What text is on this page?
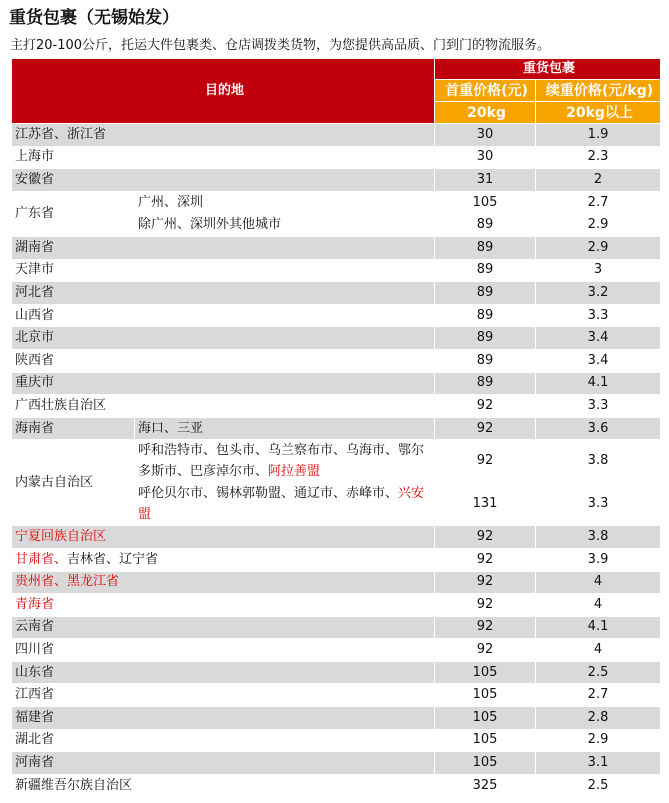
重货包裹（无锡始发）
主打20-100公斤，托运大件包裹类、仓店调拨类货物，为您提供高品质、门到门的物流服务。
目的地		重货包裹	
		首重价格(元)	续重价格(元/kg)
		20kg	20kg以上
江苏省、浙江省		30	1.9
上海市		30	2.3
安徽省		31	2
广东省	广州、深圳	105	2.7
	除广州、深圳外其他城市	89	2.9
湖南省		89	2.9
天津市		89	3
河北省		89	3.2
山西省		89	3.3
北京市		89	3.4
陕西省		89	3.4
重庆市		89	4.1
广西壮族自治区		92	3.3
海南省	海口、三亚	92	3.6
内蒙古自治区	呼和浩特市、包头市、乌兰察布市、乌海市、鄂尔多斯市、巴彦淖尔市、阿拉善盟	92	3.8
	呼伦贝尔市、锡林郭勒盟、通辽市、赤峰市、兴安盟	131	3.3
宁夏回族自治区		92	3.8
甘肃省、吉林省、辽宁省		92	3.9
贵州省、黑龙江省		92	4
青海省		92	4
云南省		92	4.1
四川省		92	4
山东省		105	2.5
江西省		105	2.7
福建省		105	2.8
湖北省		105	2.9
河南省		105	3.1
新疆维吾尔族自治区		325	2.5
